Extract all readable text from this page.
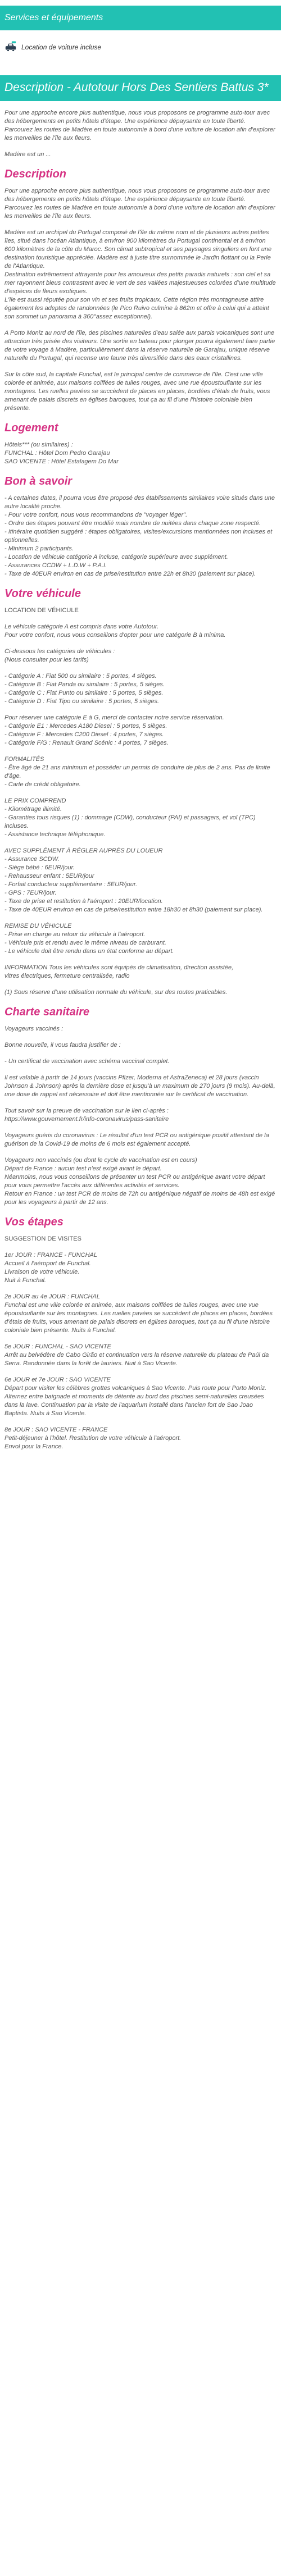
Services et équipements
Location de voiture incluse
Description - Autotour Hors Des Sentiers Battus 3*

Pour une approche encore plus authentique, nous vous proposons ce programme auto-tour avec des hébergements en petits hôtels d'étape. Une expérience dépaysante en toute liberté.
Parcourez les routes de Madère en toute autonomie à bord d'une voiture de location afin d'explorer les merveilles de l'île aux fleurs.

Madère est un ...

Description

Pour une approche encore plus authentique, nous vous proposons ce programme auto-tour avec des hébergements en petits hôtels d'étape. Une expérience dépaysante en toute liberté.
Parcourez les routes de Madère en toute autonomie à bord d'une voiture de location afin d'explorer les merveilles de l'île aux fleurs.

Madère est un archipel du Portugal composé de l'île du même nom et de plusieurs autres petites îles, situé dans l'océan Atlantique, à environ 900 kilomètres du Portugal continental et à environ 600 kilomètres de la côte du Maroc. Son climat subtropical et ses paysages singuliers en font une destination touristique appréciée. Madère est à juste titre surnommée le Jardin flottant ou la Perle de l'Atlantique.
Destination extrêmement attrayante pour les amoureux des petits paradis naturels : son ciel et sa mer rayonnent bleus contrastent avec le vert de ses vallées majestueuses colorées d'une multitude d'espèces de fleurs exotiques.
L'île est aussi réputée pour son vin et ses fruits tropicaux. Cette région très montagneuse attire également les adeptes de randonnées (le Pico Ruivo culmine à 862m et offre à celui qui a atteint son sommet un panorama à 360°assez exceptionnel).

A Porto Moniz au nord de l'île, des piscines naturelles d'eau salée aux parois volcaniques sont une attraction très prisée des visiteurs. Une sortie en bateau pour plonger pourra également faire partie de votre voyage à Madère, particulièrement dans la réserve naturelle de Garajau, unique réserve naturelle du Portugal, qui recense une faune très diversifiée dans des eaux cristallines.

Sur la côte sud, la capitale Funchal, est le principal centre de commerce de l'île. C'est une ville colorée et animée, aux maisons coiffées de tuiles rouges, avec une rue époustouflante sur les montagnes. Les ruelles pavées se succèdent de places en places, bordées d'étals de fruits, vous amenant de palais discrets en églises baroques, tout ça au fil d'une l'histoire coloniale bien présente.

Logement

Hôtels*** (ou similaires) :
FUNCHAL : Hôtel Dom Pedro Garajau
SAO VICENTE : Hôtel Estalagem Do Mar

Bon à savoir

- A certaines dates, il pourra vous être proposé des établissements similaires voire situés dans une autre localité proche.
- Pour votre confort, nous vous recommandons de "voyager léger".
- Ordre des étapes pouvant être modifié mais nombre de nuitées dans chaque zone respecté.
- Itinéraire quotidien suggéré : étapes obligatoires, visites/excursions mentionnées non incluses et optionnelles.
- Minimum 2 participants.
- Location de véhicule catégorie A incluse, catégorie supérieure avec supplément.
- Assurances CCDW + L.D.W + P.A.I.
- Taxe de 40EUR environ en cas de prise/restitution entre 22h et 8h30 (paiement sur place).

Votre véhicule

LOCATION DE VÉHICULE

Le véhicule catégorie A est compris dans votre Autotour.
Pour votre confort, nous vous conseillons d'opter pour une catégorie B à minima.

Ci-dessous les catégories de véhicules :
(Nous consulter pour les tarifs)

- Catégorie A : Fiat 500 ou similaire : 5 portes, 4 sièges.
- Catégorie B : Fiat Panda ou similaire : 5 portes, 5 sièges.
- Catégorie C : Fiat Punto ou similaire : 5 portes, 5 sièges.
- Catégorie D : Fiat Tipo ou similaire : 5 portes, 5 sièges.

Pour réserver une catégorie E à G, merci de contacter notre service réservation.
- Catégorie E1 : Mercedes A180 Diesel : 5 portes, 5 sièges.
- Catégorie F : Mercedes C200 Diesel : 4 portes, 7 sièges.
- Catégorie F/G : Renault Grand Scénic : 4 portes, 7 sièges.

FORMALITÉS
- Être âgé de 21 ans minimum et posséder un permis de conduire de plus de 2 ans. Pas de limite d'âge.
- Carte de crédit obligatoire.

LE PRIX COMPREND
- Kilométrage illimité.
- Garanties tous risques (1) : dommage (CDW), conducteur (PAI) et passagers, et vol (TPC) incluses.
- Assistance technique téléphonique.

AVEC SUPPLÉMENT À RÉGLER AUPRÈS DU LOUEUR
- Assurance SCDW.
- Siège bébé : 6EUR/jour.
- Rehausseur enfant : 5EUR/jour
- Forfait conducteur supplémentaire : 5EUR/jour.
- GPS : 7EUR/jour.
- Taxe de prise et restitution à l'aéroport : 20EUR/location.
- Taxe de 40EUR environ en cas de prise/restitution entre 18h30 et 8h30 (paiement sur place).

REMISE DU VÉHICULE
- Prise en charge au retour du véhicule à l'aéroport.
- Véhicule pris et rendu avec le même niveau de carburant.
- Le véhicule doit être rendu dans un état conforme au départ.

INFORMATION Tous les véhicules sont équipés de climatisation, direction assistée,
vitres électriques, fermeture centralisée, radio

(1) Sous réserve d'une utilisation normale du véhicule, sur des routes praticables.

Charte sanitaire

Voyageurs vaccinés :

Bonne nouvelle, il vous faudra justifier de :

- Un certificat de vaccination avec schéma vaccinal complet.

Il est valable à partir de 14 jours (vaccins Pfizer, Moderna et AstraZeneca) et 28 jours (vaccin Johnson & Johnson) après la dernière dose et jusqu'à un maximum de 270 jours (9 mois). Au-delà, une dose de rappel est nécessaire et doit être mentionnée sur le certificat de vaccination.

Tout savoir sur la preuve de vaccination sur le lien ci-après :
https://www.gouvernement.fr/info-coronavirus/pass-sanitaire

Voyageurs guéris du coronavirus : Le résultat d'un test PCR ou antigénique positif attestant de la guérison de la Covid-19 de moins de 6 mois est également accepté.

Voyageurs non vaccinés (ou dont le cycle de vaccination est en cours)
Départ de France : aucun test n'est exigé avant le départ.
Néanmoins, nous vous conseillons de présenter un test PCR ou antigénique avant votre départ pour vous permettre l'accès aux différentes activités et services.
Retour en France : un test PCR de moins de 72h ou antigénique négatif de moins de 48h est exigé pour les voyageurs à partir de 12 ans.

Vos étapes

SUGGESTION DE VISITES

1er JOUR : FRANCE - FUNCHAL
Accueil à l'aéroport de Funchal.
Livraison de votre véhicule.
Nuit à Funchal.

2e JOUR au 4e JOUR : FUNCHAL
Funchal est une ville colorée et animée, aux maisons coiffées de tuiles rouges, avec une vue époustouflante sur les montagnes. Les ruelles pavées se succèdent de places en places, bordées d'étals de fruits, vous amenant de palais discrets en églises baroques, tout ça au fil d'une histoire coloniale bien présente. Nuits à Funchal.

5e JOUR : FUNCHAL - SAO VICENTE
Arrêt au belvédère de Cabo Girão et continuation vers la réserve naturelle du plateau de Paúl da Serra. Randonnée dans la forêt de lauriers. Nuit à Sao Vicente.

6e JOUR et 7e JOUR : SAO VICENTE
Départ pour visiter les célèbres grottes volcaniques à Sao Vicente. Puis route pour Porto Moniz. Alternez entre baignade et moments de détente au bord des piscines semi-naturelles creusées dans la lave. Continuation par la visite de l'aquarium installé dans l'ancien fort de Sao Joao Baptista. Nuits à Sao Vicente.

8e JOUR : SAO VICENTE - FRANCE
Petit-déjeuner à l'hôtel. Restitution de votre véhicule à l'aéroport.
Envol pour la France.
